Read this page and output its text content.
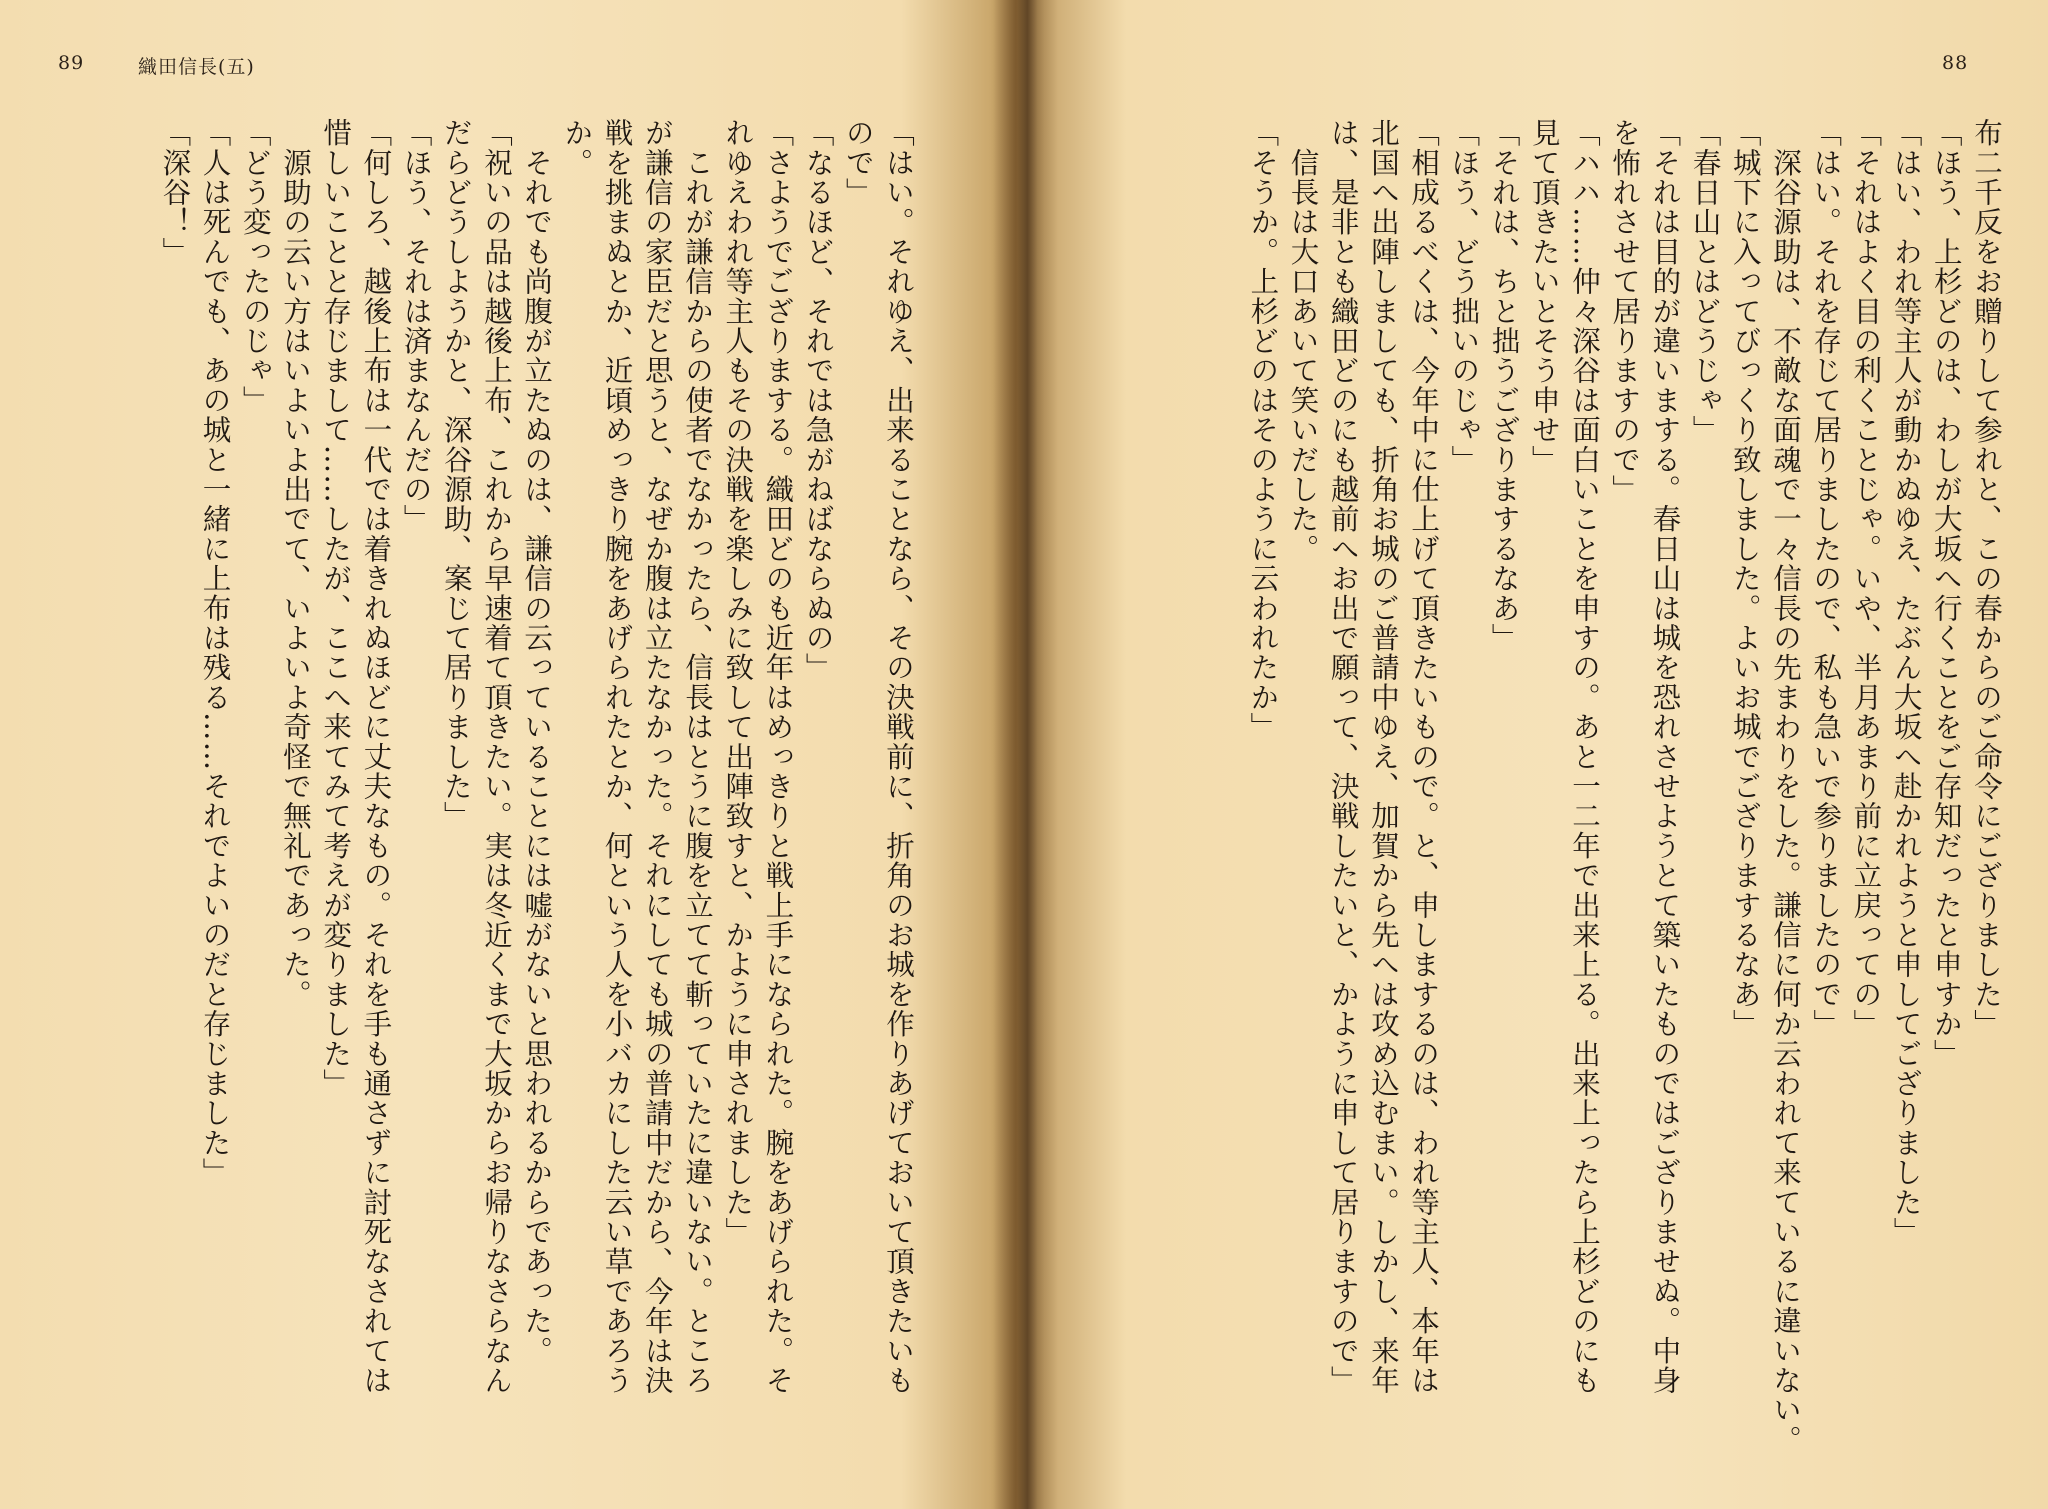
89	織田信長(五)
「はい。それゆえ、出来ることなら、その決戦前に、折角のお城を作りあげておいて頂きたいも
ので」
「なるほど、それでは急がねばならぬの」
「さようでござりまする。織田どのも近年はめっきりと戦上手になられた。腕をあげられた。そ
れゆえわれ等主人もその決戦を楽しみに致して出陣致すと、かように申されました」
　これが謙信からの使者でなかったら、信長はとうに腹を立てて斬っていたに違いない。ところ
が謙信の家臣だと思うと、なぜか腹は立たなかった。それにしても城の普請中だから、今年は決
戦を挑まぬとか、近頃めっきり腕をあげられたとか、何という人を小バカにした云い草であろう
か。
　それでも尚腹が立たぬのは、謙信の云っていることには嘘がないと思われるからであった。
「祝いの品は越後上布、これから早速着て頂きたい。実は冬近くまで大坂からお帰りなさらなん
だらどうしようかと、深谷源助、案じて居りました」
「ほう、それは済まなんだの」
「何しろ、越後上布は一代では着きれぬほどに丈夫なもの。それを手も通さずに討死なされては
惜しいことと存じまして……したが、ここへ来てみて考えが変りました」
　源助の云い方はいよいよ出でて、いよいよ奇怪で無礼であった。
「どう変ったのじゃ」
「人は死んでも、あの城と一緒に上布は残る……それでよいのだと存じました」
「深谷！」
88
布二千反をお贈りして参れと、この春からのご命令にござりました」
「ほう、上杉どのは、わしが大坂へ行くことをご存知だったと申すか」
「はい、われ等主人が動かぬゆえ、たぶん大坂へ赴かれようと申してござりました」
「それはよく目の利くことじゃ。いや、半月あまり前に立戻っての」
「はい。それを存じて居りましたので、私も急いで参りましたので」
　深谷源助は、不敵な面魂で一々信長の先まわりをした。謙信に何か云われて来ているに違いない。
「城下に入ってびっくり致しました。よいお城でござりまするなあ」
「春日山とはどうじゃ」
「それは目的が違いまする。春日山は城を恐れさせようとて築いたものではござりませぬ。中身
を怖れさせて居りますので」
「ハハ……仲々深谷は面白いことを申すの。あと一二年で出来上る。出来上ったら上杉どのにも
見て頂きたいとそう申せ」
「それは、ちと拙うござりまするなあ」
「ほう、どう拙いのじゃ」
「相成るべくは、今年中に仕上げて頂きたいもので。と、申しまするのは、われ等主人、本年は
北国へ出陣しましても、折角お城のご普請中ゆえ、加賀から先へは攻め込むまい。しかし、来年
は、是非とも織田どのにも越前へお出で願って、決戦したいと、かように申して居りますので」
　信長は大口あいて笑いだした。
「そうか。上杉どのはそのように云われたか」
